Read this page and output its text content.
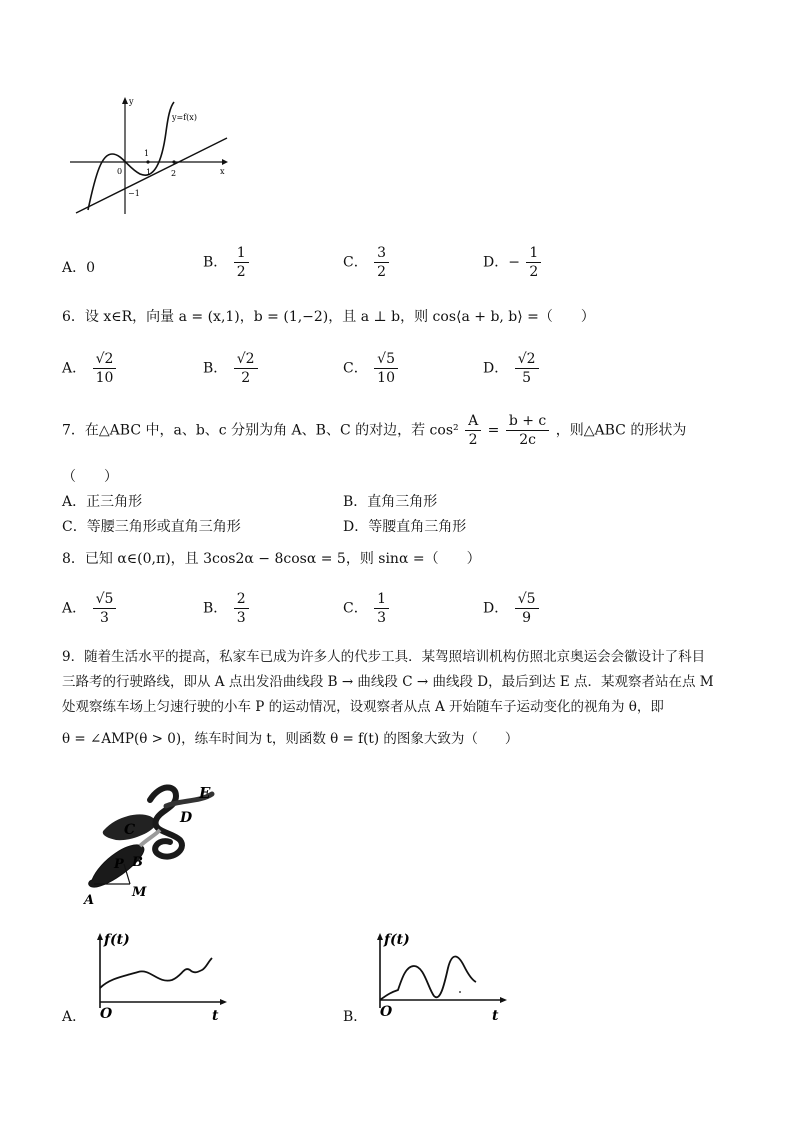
y
x
y=f(x)
1
−1
0	1 2
A．0	B． $\frac{1}{2}$	C． $\frac{3}{2}$	D．− $\frac{1}{2}$
6．设 x∈R，向量 a = (x,1)，b = (1,−2)，且 a ⊥ b，则 cos⟨a + b, b⟩ =（　　）
A． $\frac{√2}{10}$	B． $\frac{√2}{2}$	C． $\frac{√5}{10}$	D． $\frac{√2}{5}$
7．在△ABC 中，a、b、c 分别为角 A、B、C 的对边，若 $\cos^2 \frac{A}{2} = \frac{b + c}{2c}$ ，则△ABC 的形状为
（　　）
A．正三角形	B．直角三角形
C．等腰三角形或直角三角形	D．等腰直角三角形
8．已知 α∈(0,π)，且 3cos2α − 8cosα = 5，则 sinα =（　　）
A． $\frac{√5}{3}$	B． $\frac{2}{3}$	C． $\frac{1}{3}$	D． $\frac{√5}{9}$
9．随着生活水平的提高，私家车已成为许多人的代步工具．某驾照培训机构仿照北京奥运会会徽设计了科目
三路考的行驶路线，即从 A 点出发沿曲线段 B → 曲线段 C → 曲线段 D，最后到达 E 点．某观察者站在点 M
处观察练车场上匀速行驶的小车 P 的运动情况，设观察者从点 A 开始随车子运动变化的视角为 θ，即
θ = ∠AMP(θ > 0)，练车时间为 t，则函数 θ = f(t) 的图象大致为（　　）
E
D
C
P B
A
M
A．
f(t)
O	t	B．
f(t)
O	t
